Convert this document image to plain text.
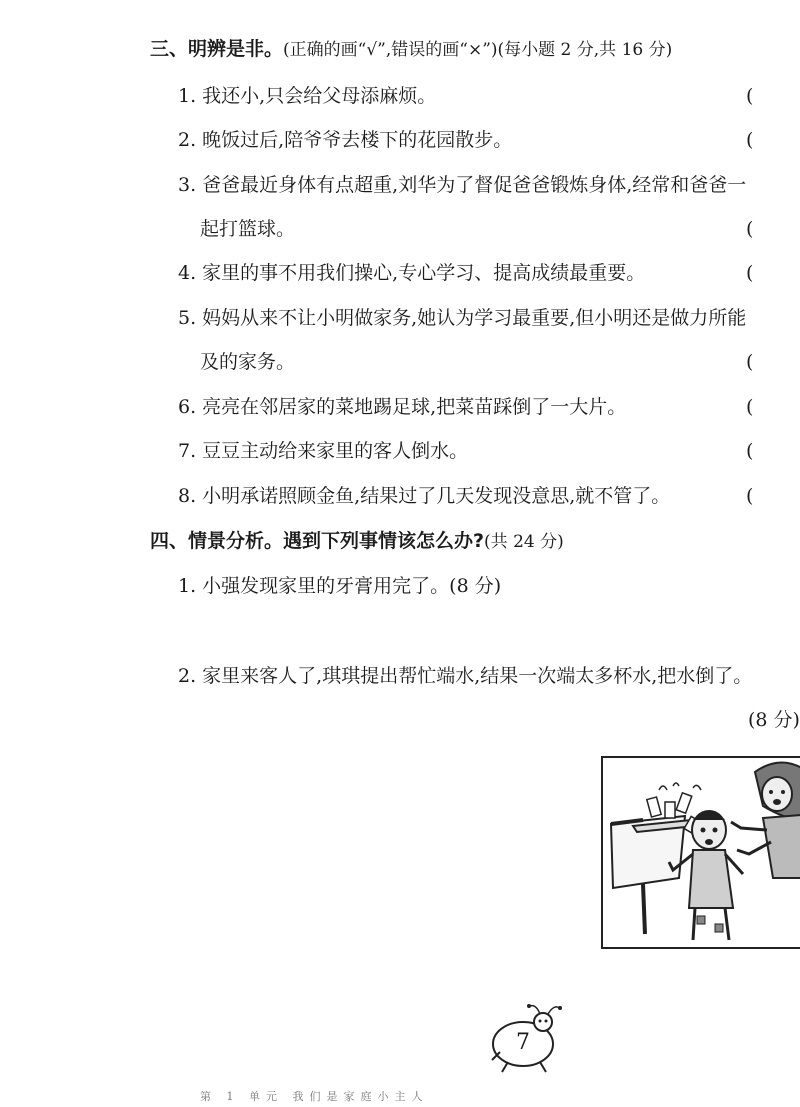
三、明辨是非。(正确的画“√”,错误的画“×”)(每小题 2 分,共 16 分)
1. 我还小,只会给父母添麻烦。	(
2. 晚饭过后,陪爷爷去楼下的花园散步。	(
3. 爸爸最近身体有点超重,刘华为了督促爸爸锻炼身体,经常和爸爸一
起打篮球。	(
4. 家里的事不用我们操心,专心学习、提高成绩最重要。	(
5. 妈妈从来不让小明做家务,她认为学习最重要,但小明还是做力所能
及的家务。	(
6. 亮亮在邻居家的菜地踢足球,把菜苗踩倒了一大片。	(
7. 豆豆主动给来家里的客人倒水。	(
8. 小明承诺照顾金鱼,结果过了几天发现没意思,就不管了。	(
四、情景分析。遇到下列事情该怎么办?(共 24 分)
1. 小强发现家里的牙膏用完了。(8 分)
2. 家里来客人了,琪琪提出帮忙端水,结果一次端太多杯水,把水倒了。
(8 分)
7
第 1 单元 我们是家庭小主人
